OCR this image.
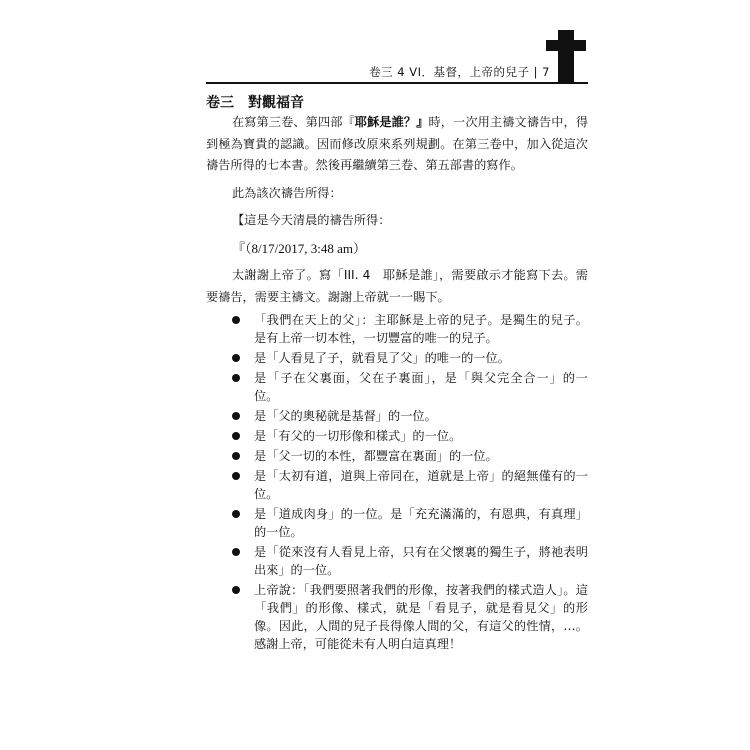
卷三 4 VI．基督，上帝的兒子 | 7
卷三　對觀福音

在寫第三卷、第四部『耶穌是誰？』時，一次用主禱文禱告中，得到極為寶貴的認識。因而修改原來系列規劃。在第三卷中，加入從這次禱告所得的七本書。然後再繼續第三卷、第五部書的寫作。

此為該次禱告所得：

【這是今天清晨的禱告所得：

『（8/17/2017, 3:48 am）

太謝謝上帝了。寫「III. 4　耶穌是誰」，需要啟示才能寫下去。需要禱告，需要主禱文。謝謝上帝就一一賜下。

「我們在天上的父」：主耶穌是上帝的兒子。是獨生的兒子。是有上帝一切本性，一切豐富的唯一的兒子。
是「人看見了子，就看見了父」的唯一的一位。
是「子在父裏面，父在子裏面」，是「與父完全合一」的一位。
是「父的奧秘就是基督」的一位。
是「有父的一切形像和樣式」的一位。
是「父一切的本性，都豐富在裏面」的一位。
是「太初有道，道與上帝同在，道就是上帝」的絕無僅有的一位。
是「道成肉身」的一位。是「充充滿滿的，有恩典，有真理」的一位。
是「從來沒有人看見上帝，只有在父懷裏的獨生子，將祂表明出來」的一位。
上帝說：「我們要照著我們的形像，按著我們的樣式造人」。這「我們」的形像、樣式，就是「看見子，就是看見父」的形像。因此，人間的兒子長得像人間的父，有這父的性情，…。感謝上帝，可能從未有人明白這真理！
